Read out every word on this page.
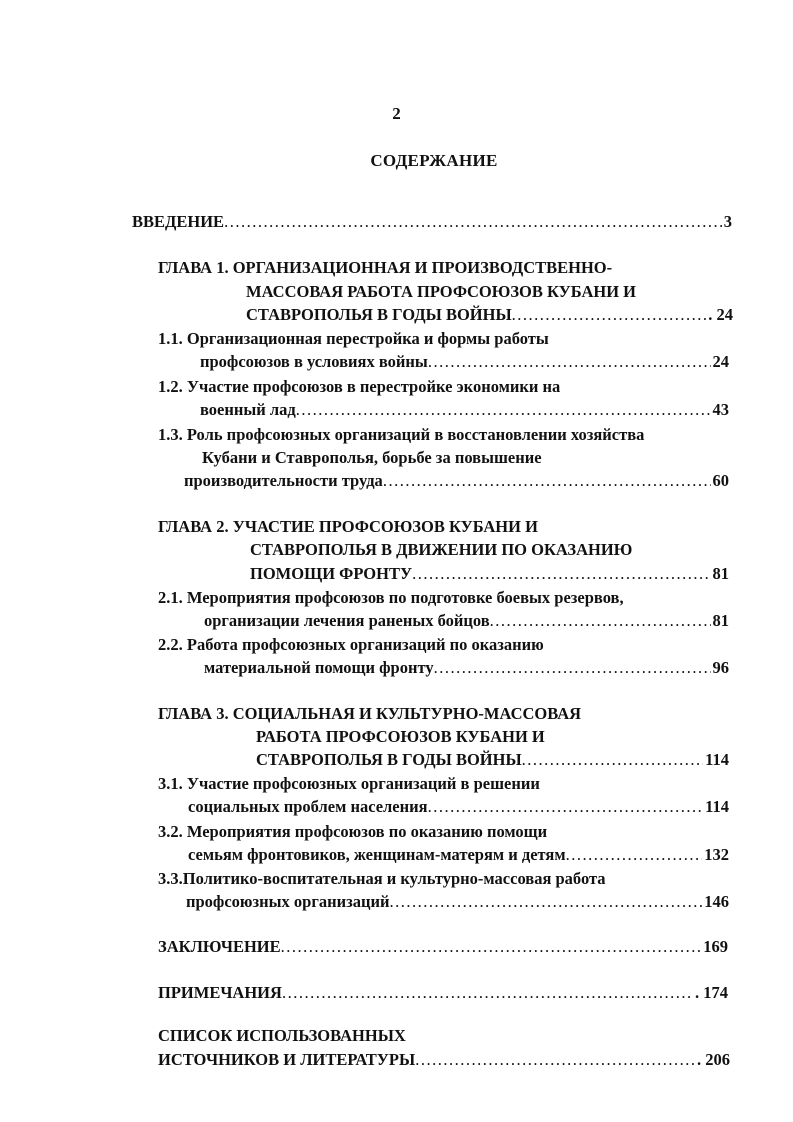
2
СОДЕРЖАНИЕ
ВВЕДЕНИЕ .....	3
ГЛАВА 1. ОРГАНИЗАЦИОННАЯ И ПРОИЗВОДСТВЕННО-
МАССОВАЯ РАБОТА ПРОФСОЮЗОВ КУБАНИ И
СТАВРОПОЛЬЯ В ГОДЫ ВОЙНЫ .....	. 24
1.1. Организационная перестройка и формы работы
профсоюзов в условиях войны .....	24
1.2. Участие профсоюзов в перестройке экономики на
военный лад .....	43
1.3. Роль профсоюзных организаций в восстановлении хозяйства
Кубани и Ставрополья, борьбе за повышение
производительности труда .....	60
ГЛАВА 2. УЧАСТИЕ ПРОФСОЮЗОВ КУБАНИ И
СТАВРОПОЛЬЯ В ДВИЖЕНИИ ПО ОКАЗАНИЮ
ПОМОЩИ ФРОНТУ .....	81
2.1. Мероприятия профсоюзов по подготовке боевых резервов,
организации лечения раненых бойцов .....	81
2.2. Работа профсоюзных организаций по оказанию
материальной помощи фронту .....	96
ГЛАВА 3. СОЦИАЛЬНАЯ И КУЛЬТУРНО-МАССОВАЯ
РАБОТА ПРОФСОЮЗОВ КУБАНИ И
СТАВРОПОЛЬЯ В ГОДЫ ВОЙНЫ .....	114
3.1. Участие профсоюзных организаций в решении
социальных проблем населения .....	114
3.2. Мероприятия профсоюзов по оказанию помощи
семьям фронтовиков, женщинам-матерям и детям .....	132
3.3.Политико-воспитательная и культурно-массовая работа
профсоюзных организаций .....	146
ЗАКЛЮЧЕНИЕ .....	169
ПРИМЕЧАНИЯ .....	. 174
СПИСОК ИСПОЛЬЗОВАННЫХ
ИСТОЧНИКОВ И ЛИТЕРАТУРЫ .....	. 206
